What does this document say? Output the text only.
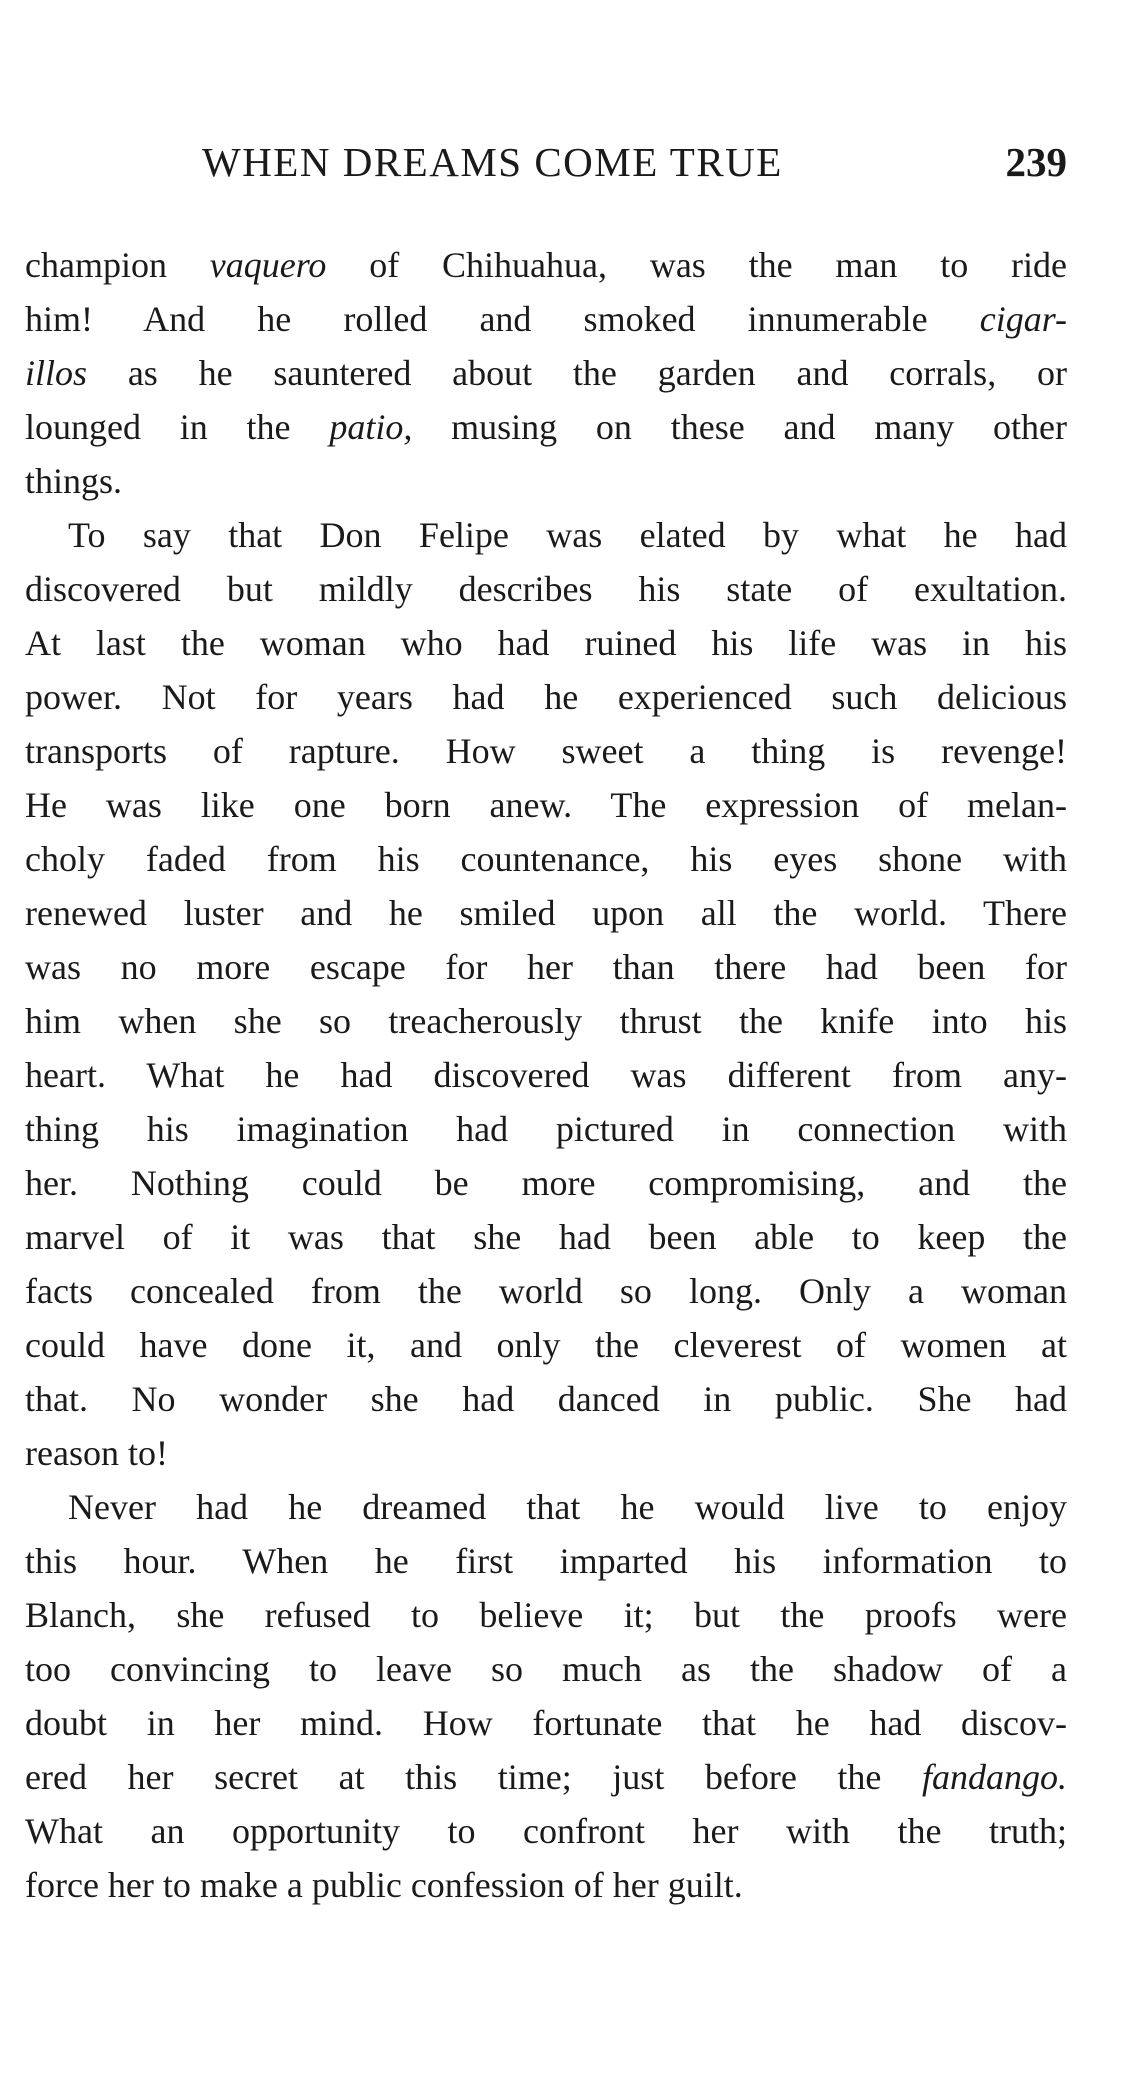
WHEN DREAMS COME TRUE	239
champion vaquero of Chihuahua, was the man to ride
him! And he rolled and smoked innumerable cigar-
illos as he sauntered about the garden and corrals, or
lounged in the patio, musing on these and many other
things.
To say that Don Felipe was elated by what he had
discovered but mildly describes his state of exultation.
At last the woman who had ruined his life was in his
power. Not for years had he experienced such delicious
transports of rapture. How sweet a thing is revenge!
He was like one born anew. The expression of melan-
choly faded from his countenance, his eyes shone with
renewed luster and he smiled upon all the world. There
was no more escape for her than there had been for
him when she so treacherously thrust the knife into his
heart. What he had discovered was different from any-
thing his imagination had pictured in connection with
her. Nothing could be more compromising, and the
marvel of it was that she had been able to keep the
facts concealed from the world so long. Only a woman
could have done it, and only the cleverest of women at
that. No wonder she had danced in public. She had
reason to!
Never had he dreamed that he would live to enjoy
this hour. When he first imparted his information to
Blanch, she refused to believe it; but the proofs were
too convincing to leave so much as the shadow of a
doubt in her mind. How fortunate that he had discov-
ered her secret at this time; just before the fandango.
What an opportunity to confront her with the truth;
force her to make a public confession of her guilt.
